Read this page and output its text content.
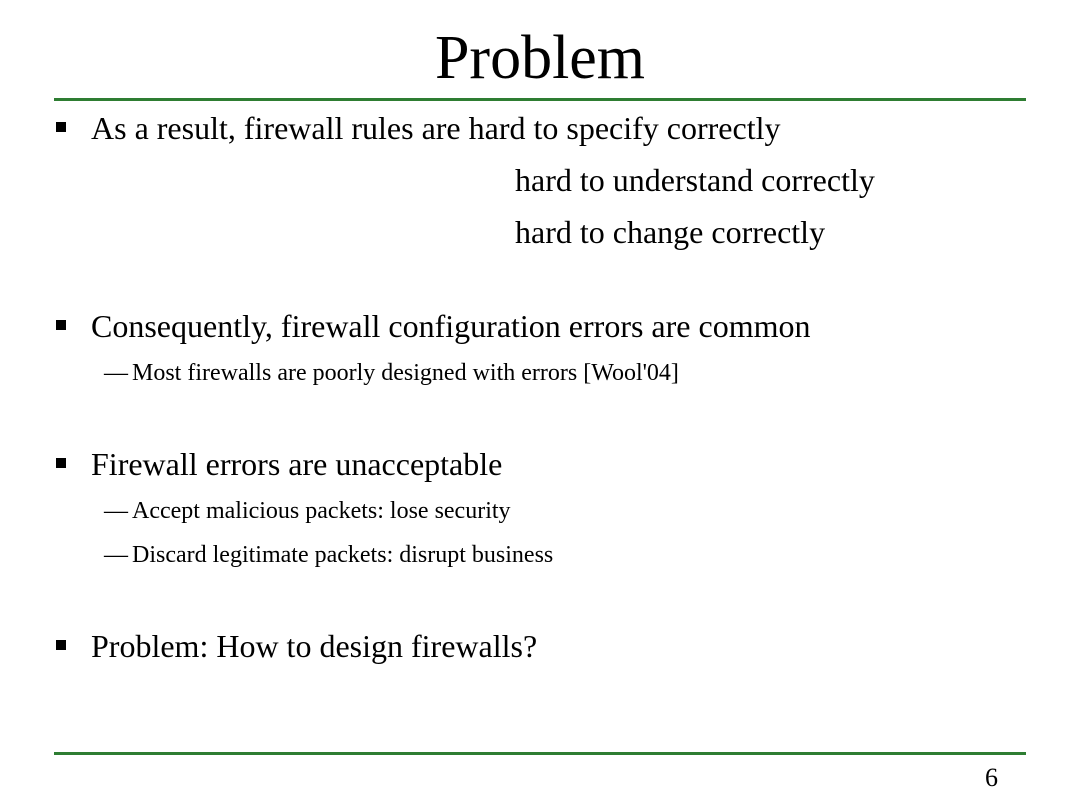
Problem
As a result, firewall rules are hard to specify correctly
hard to understand correctly
hard to change correctly
Consequently, firewall configuration errors are common
— Most firewalls are poorly designed with errors [Wool'04]
Firewall errors are unacceptable
— Accept malicious packets: lose security
— Discard legitimate packets: disrupt business
Problem: How to design firewalls?
6
